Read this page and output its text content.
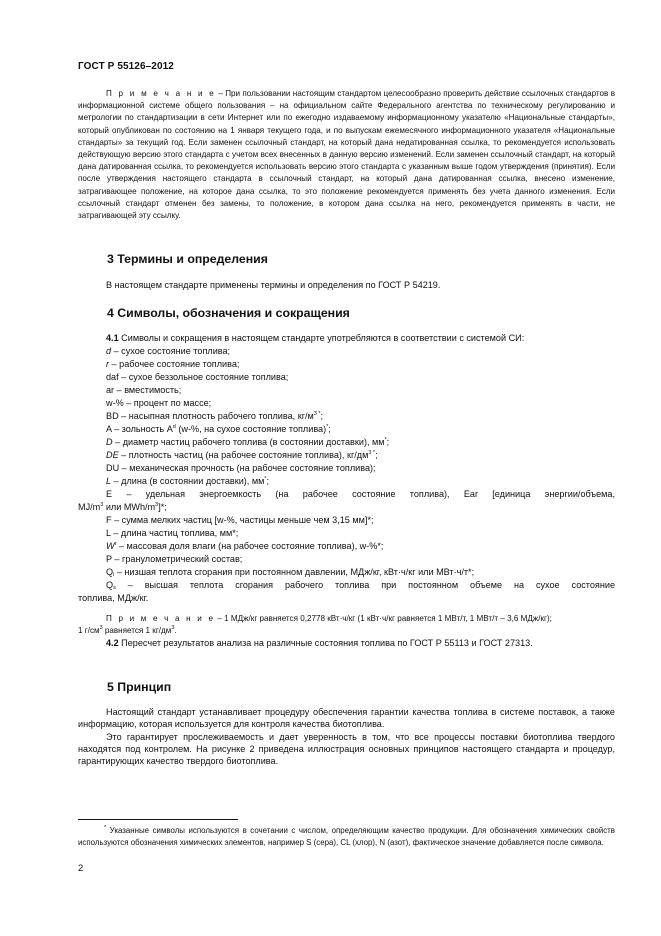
ГОСТ Р 55126–2012
П р и м е ч а н и е – При пользовании настоящим стандартом целесообразно проверить действие ссылочных стандартов в информационной системе общего пользования – на официальном сайте Федерального агентства по техническому регулированию и метрологии по стандартизации в сети Интернет или по ежегодно издаваемому информационному указателю «Национальные стандарты», который опубликован по состоянию на 1 января текущего года, и по выпускам ежемесячного информационного указателя «Национальные стандарты» за текущий год. Если заменен ссылочный стандарт, на который дана недатированная ссылка, то рекомендуется использовать действующую версию этого стандарта с учетом всех внесенных в данную версию изменений. Если заменен ссылочный стандарт, на который дана датированная ссылка, то рекомендуется использовать версию этого стандарта с указанным выше годом утверждения (принятия). Если после утверждения настоящего стандарта в ссылочный стандарт, на который дана датированная ссылка, внесено изменение, затрагивающее положение, на которое дана ссылка, то это положение рекомендуется применять без учета данного изменения. Если ссылочный стандарт отменен без замены, то положение, в котором дана ссылка на него, рекомендуется применять в части, не затрагивающей эту ссылку.
3 Термины и определения
В настоящем стандарте применены термины и определения по ГОСТ Р 54219.
4 Символы, обозначения и сокращения
4.1 Символы и сокращения в настоящем стандарте употребляются в соответствии с системой СИ:
d – сухое состояние топлива;
r – рабочее состояние топлива;
daf – сухое беззольное состояние топлива;
ar – вместимость;
w-% – процент по массе;
BD – насыпная плотность рабочего топлива, $кг/м^{3 *}$;
A – зольность $A^d$ (w-%, на сухое состояние топлива)*;
D – диаметр частиц рабочего топлива (в состоянии доставки), мм*;
DE – плотность частиц (на рабочее состояние топлива), $кг/дм^{3 *}$;
DU – механическая прочность (на рабочее состояние топлива);
L – длина (в состоянии доставки), мм*;
E – удельная энергоемкость (на рабочее состояние топлива), Ear [единица энергии/объема,
$MJ/m^3$ или MWh/$m^3]*$;
F – сумма мелких частиц [w-%, частицы меньше чем 3,15 мм]*;
L – длина частиц топлива, мм*;
$W^r$ – массовая доля влаги (на рабочее состояние топлива), w-%*;
P – гранулометрический состав;
$Q_i$ – низшая теплота сгорания при постоянном давлении, МДж/кг, кВт·ч/кг или МВт·ч/т*;
$Q_s$ – высшая теплота сгорания рабочего топлива при постоянном объеме на сухое состояние
топлива, МДж/кг.
П р и м е ч а н и е – 1 МДж/кг равняется 0,2778 кВт·ч/кг (1 кВт·ч/кг равняется 1 МВт/т, 1 МВт/т – 3,6 МДж/кг);
1 $г/см^3$ равняется 1 $кг/дм^3$.
4.2 Пересчет результатов анализа на различные состояния топлива по ГОСТ Р 55113 и ГОСТ 27313.
5 Принцип
Настоящий стандарт устанавливает процедуру обеспечения гарантии качества топлива в системе поставок, а также информацию, которая используется для контроля качества биотоплива.
Это гарантирует прослеживаемость и дает уверенность в том, что все процессы поставки биотоплива твердого находятся под контролем. На рисунке 2 приведена иллюстрация основных принципов настоящего стандарта и процедур, гарантирующих качество твердого биотоплива.
* Указанные символы используются в сочетании с числом, определяющим качество продукции. Для обозначения химических свойств используются обозначения химических элементов, например S (сера), CL (хлор), N (азот), фактическое значение добавляется после символа.
2
